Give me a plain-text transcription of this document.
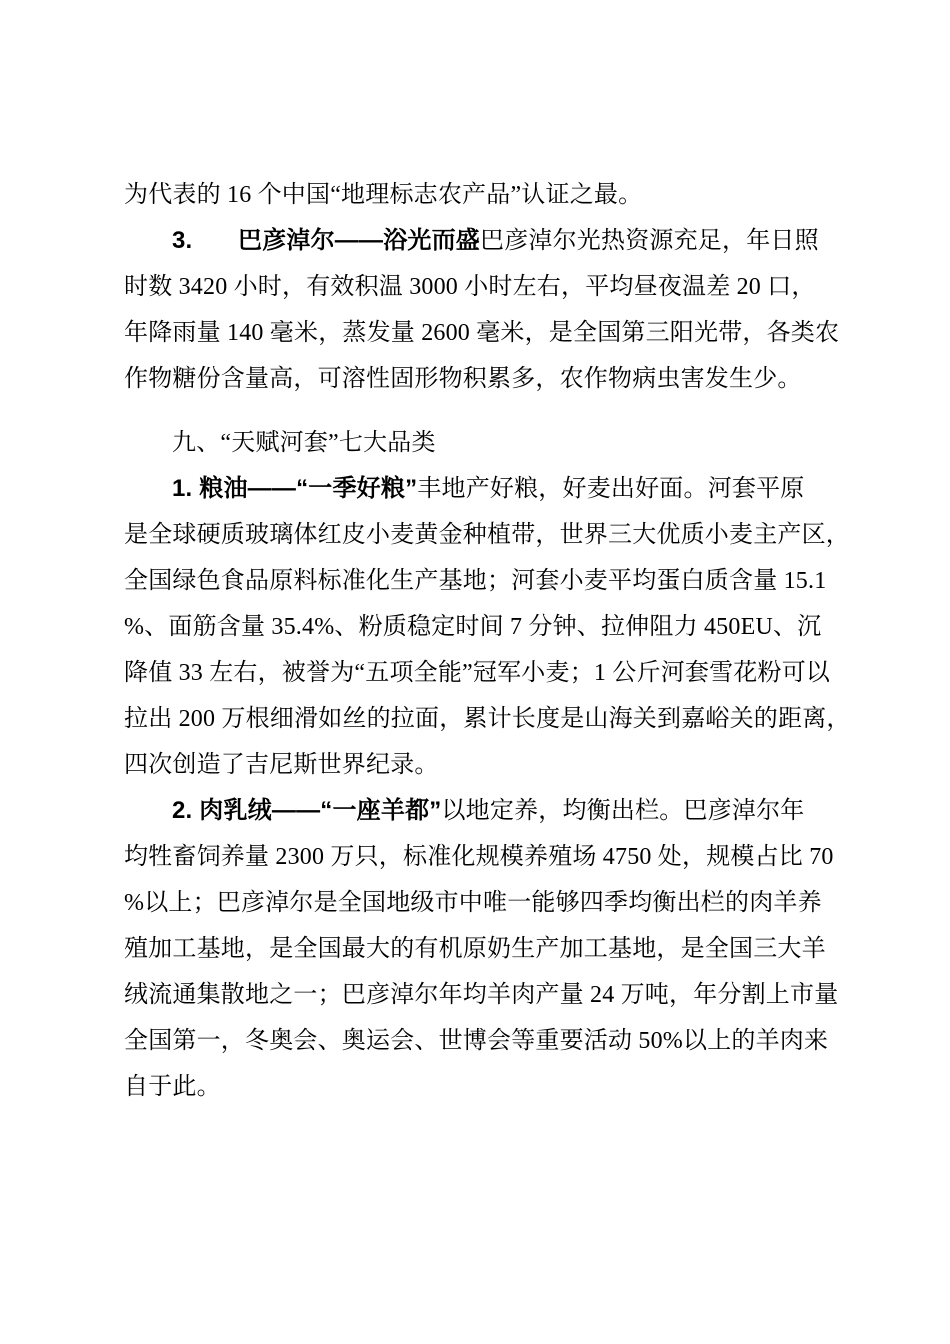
为代表的 16 个中国“地理标志农产品”认证之最。
3. 巴彦淖尔——浴光而盛巴彦淖尔光热资源充足，年日照
时数 3420 小时，有效积温 3000 小时左右，平均昼夜温差 20 口，
年降雨量 140 毫米，蒸发量 2600 毫米，是全国第三阳光带，各类农
作物糖份含量高，可溶性固形物积累多，农作物病虫害发生少。
九、“天赋河套”七大品类
1. 粮油——“一季好粮”丰地产好粮，好麦出好面。河套平原
是全球硬质玻璃体红皮小麦黄金种植带，世界三大优质小麦主产区，
全国绿色食品原料标准化生产基地；河套小麦平均蛋白质含量 15.1
%、面筋含量 35.4%、粉质稳定时间 7 分钟、拉伸阻力 450EU、沉
降值 33 左右，被誉为“五项全能”冠军小麦；1 公斤河套雪花粉可以
拉出 200 万根细滑如丝的拉面，累计长度是山海关到嘉峪关的距离，
四次创造了吉尼斯世界纪录。
2. 肉乳绒——“一座羊都”以地定养，均衡出栏。巴彦淖尔年
均牲畜饲养量 2300 万只，标准化规模养殖场 4750 处，规模占比 70
%以上；巴彦淖尔是全国地级市中唯一能够四季均衡出栏的肉羊养
殖加工基地，是全国最大的有机原奶生产加工基地，是全国三大羊
绒流通集散地之一；巴彦淖尔年均羊肉产量 24 万吨，年分割上市量
全国第一，冬奥会、奥运会、世博会等重要活动 50%以上的羊肉来
自于此。
